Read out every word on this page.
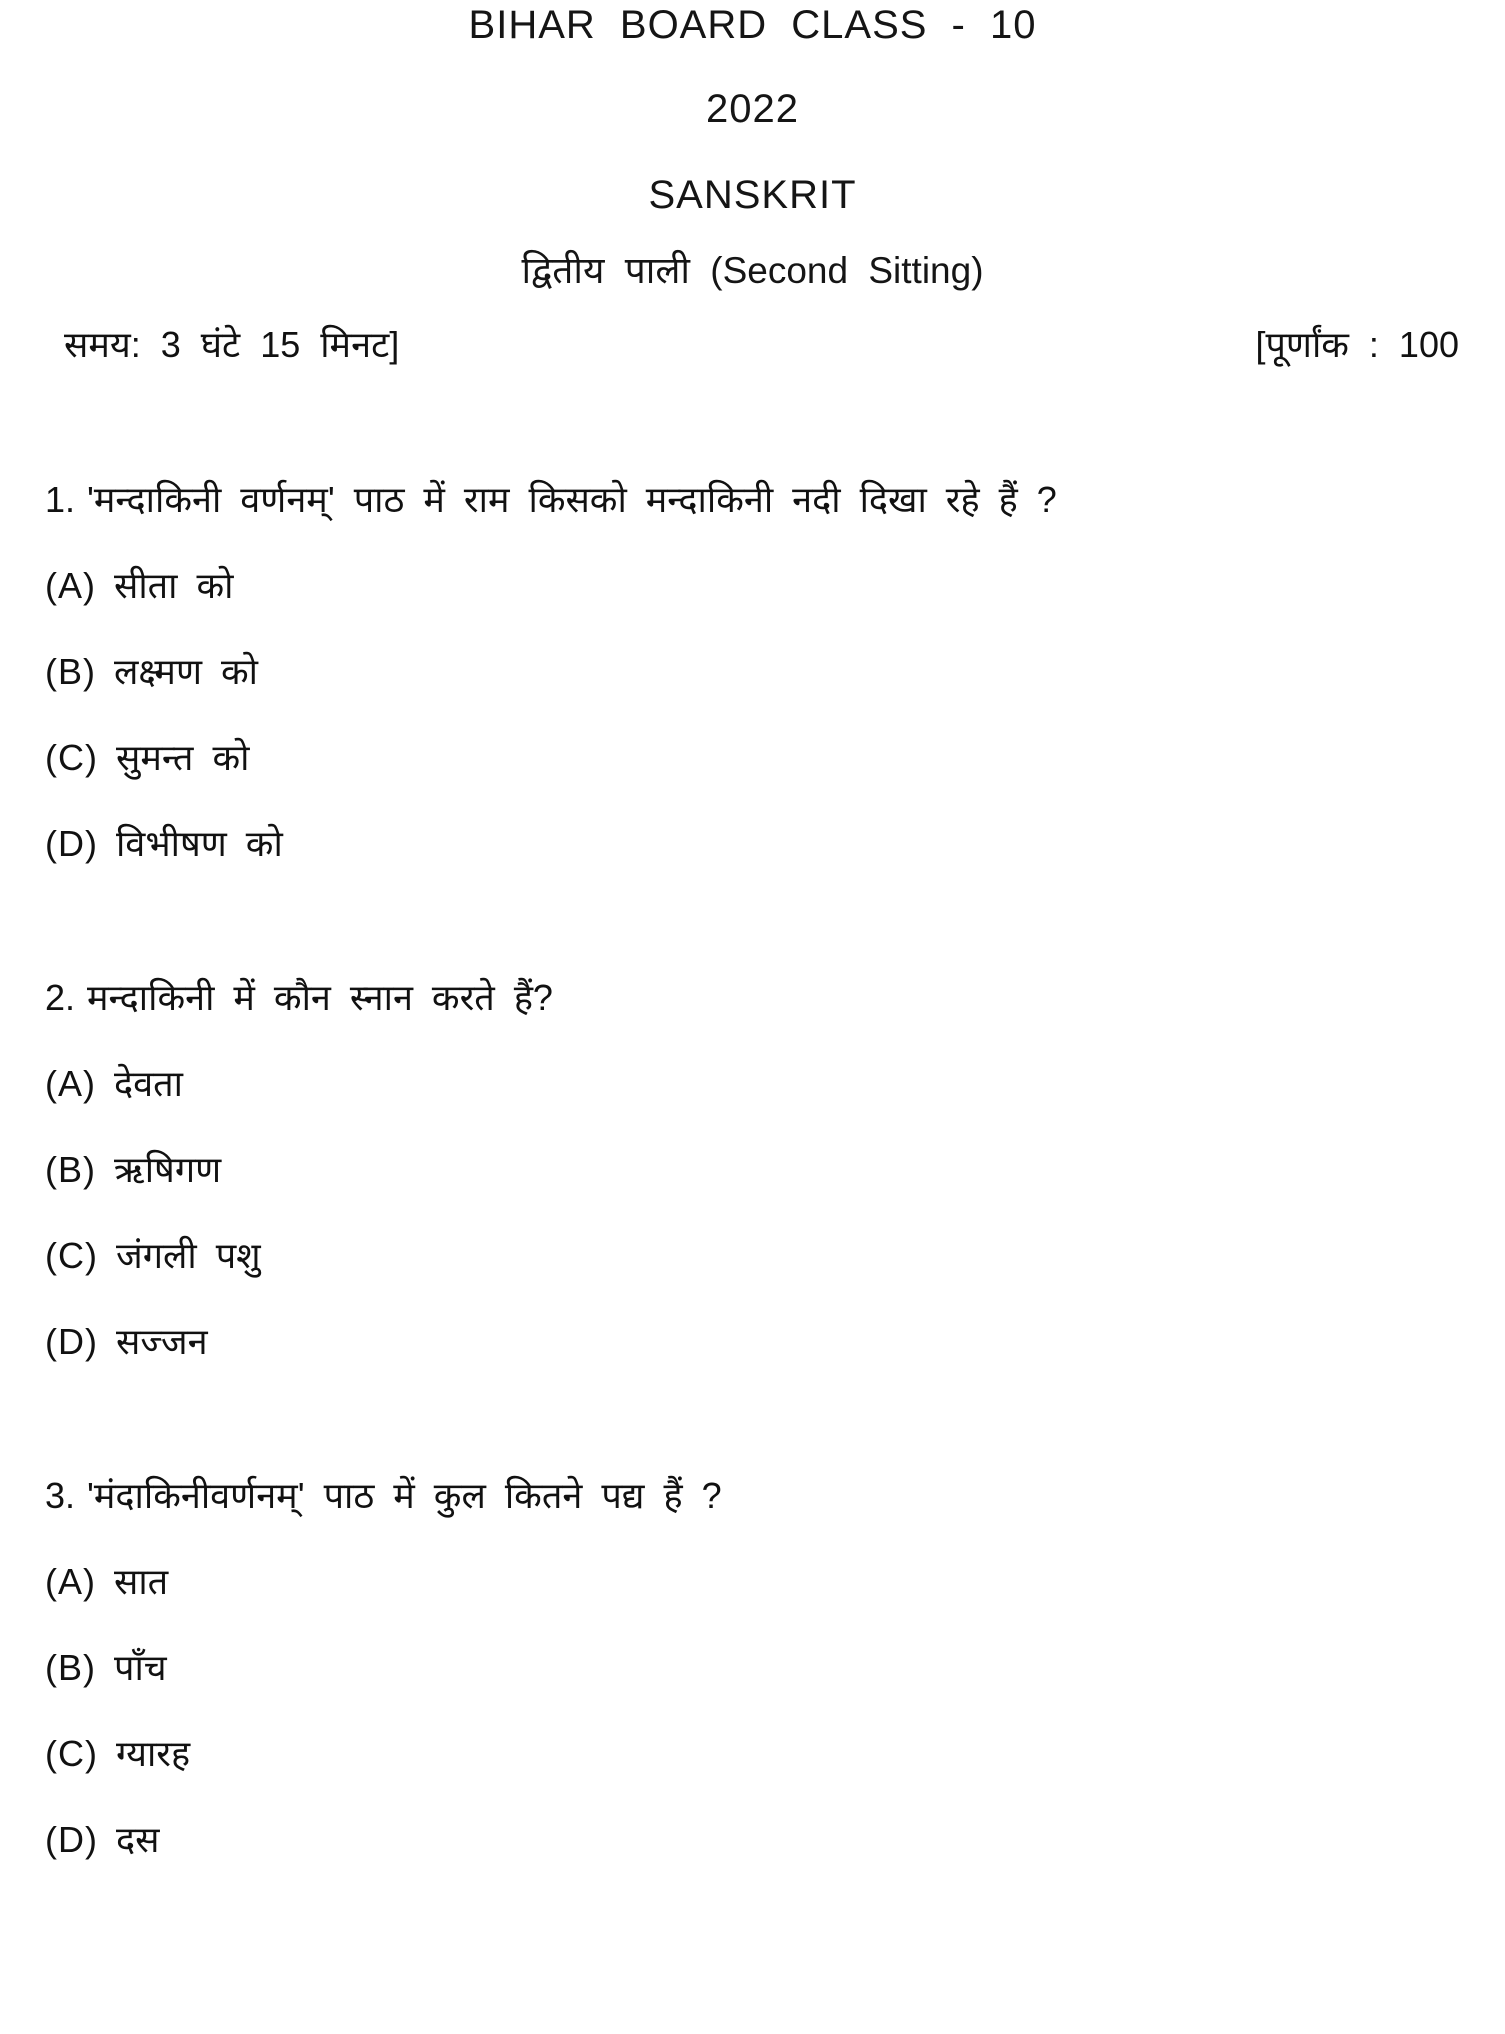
BIHAR BOARD CLASS - 10
2022
SANSKRIT
द्वितीय पाली (Second Sitting)
समय: 3 घंटे 15 मिनट]	[पूर्णांक : 100
1. 'मन्दाकिनी वर्णनम्' पाठ में राम किसको मन्दाकिनी नदी दिखा रहे हैं ?
(A) सीता को
(B) लक्ष्मण को
(C) सुमन्त को
(D) विभीषण को
2. मन्दाकिनी में कौन स्नान करते हैं?
(A) देवता
(B) ऋषिगण
(C) जंगली पशु
(D) सज्जन
3. 'मंदाकिनीवर्णनम्' पाठ में कुल कितने पद्य हैं ?
(A) सात
(B) पाँच
(C) ग्यारह
(D) दस
